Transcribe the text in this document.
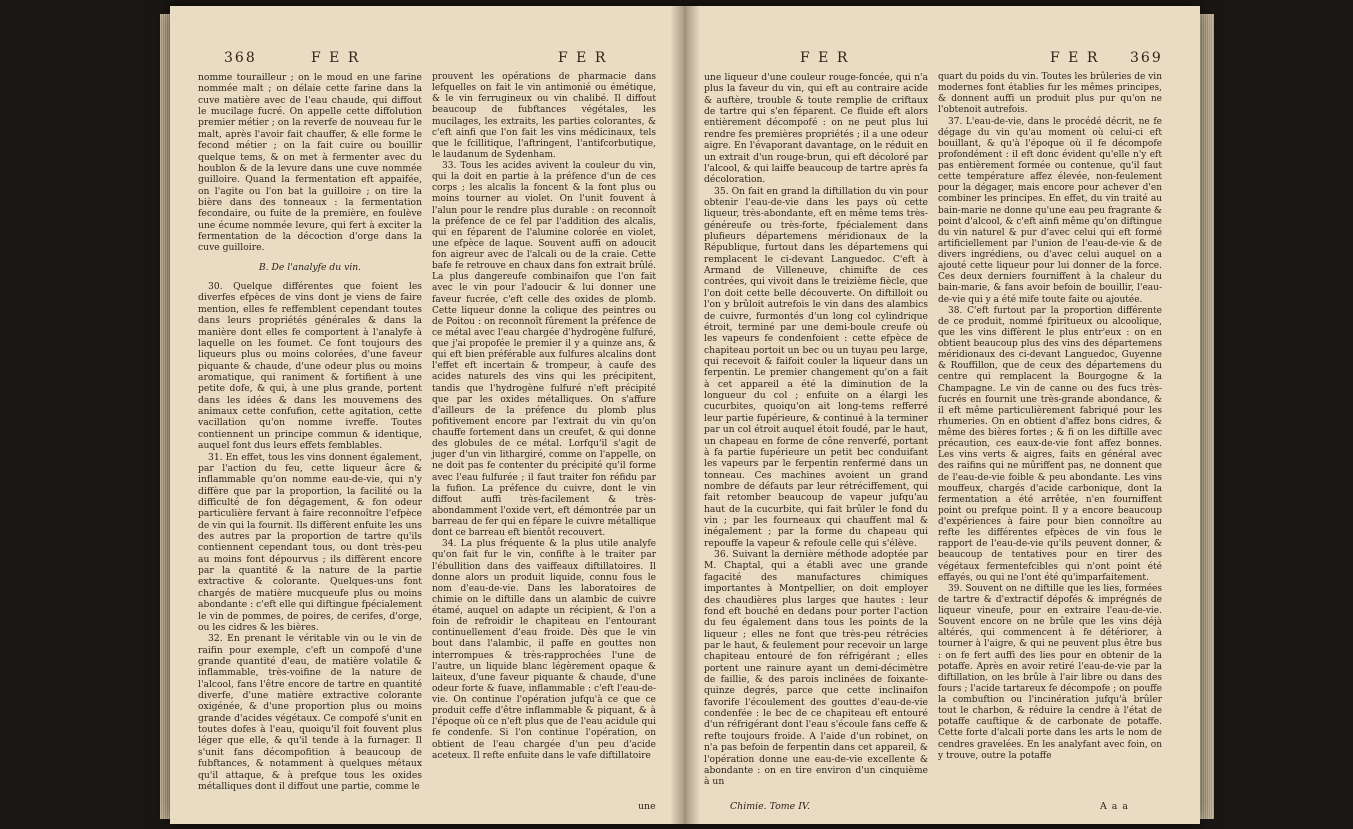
368	F E R	F E R

nomme tourailleur ; on le moud en une farine nommée malt ; on délaie cette farine dans la cuve matière avec de l'eau chaude, qui diffout le mucilage fucré. On appelle cette diffolution premier métier ; on la reverfe de nouveau fur le malt, après l'avoir fait chauffer, & elle forme le fecond métier ; on la fait cuire ou bouillir quelque tems, & on met à fermenter avec du houblon & de la levure dans une cuve nommée guilloire. Quand la fermentation eft appaifée, on l'agite ou l'on bat la guilloire ; on tire la bière dans des tonneaux : la fermentation fecondaire, ou fuite de la première, en foulève une écume nommée levure, qui fert à exciter la fermentation de la décoction d'orge dans la cuve guilloire.

B. De l'analyfe du vin.

30. Quelque différentes que foient les diverfes efpèces de vins dont je viens de faire mention, elles fe reffemblent cependant toutes dans leurs propriétés générales & dans la manière dont elles fe comportent à l'analyfe à laquelle on les foumet. Ce font toujours des liqueurs plus ou moins colorées, d'une faveur piquante & chaude, d'une odeur plus ou moins aromatique, qui raniment & fortifient à une petite dofe, & qui, à une plus grande, portent dans les idées & dans les mouvemens des animaux cette confufion, cette agitation, cette vacillation qu'on nomme ivreffe. Toutes contiennent un principe commun & identique, auquel font dus leurs effets femblables.

31. En effet, tous les vins donnent également, par l'action du feu, cette liqueur âcre & inflammable qu'on nomme eau-de-vie, qui n'y diffère que par la proportion, la facilité ou la difficulté de fon dégagement, & fon odeur particulière fervant à faire reconnoître l'efpèce de vin qui la fournit. Ils diffèrent enfuite les uns des autres par la proportion de tartre qu'ils contiennent cependant tous, ou dont très-peu au moins font dépourvus ; ils diffèrent encore par la quantité & la nature de la partie extractive & colorante. Quelques-uns font chargés de matière mucqueufe plus ou moins abondante : c'eft elle qui diftingue fpécialement le vin de pommes, de poires, de cerifes, d'orge, ou les cidres & les bières.

32. En prenant le véritable vin ou le vin de raifin pour exemple, c'eft un compofé d'une grande quantité d'eau, de matière volatile & inflammable, très-voifine de la nature de l'alcool, fans l'être encore de tartre en quantité diverfe, d'une matière extractive colorante oxigénée, & d'une proportion plus ou moins grande d'acides végétaux. Ce compofé s'unit en toutes dofes à l'eau, quoiqu'il foit fouvent plus léger que elle, & qu'il tende à la furnager. Il s'unit fans décompofition à beaucoup de fubftances, & notamment à quelques métaux qu'il attaque, & à prefque tous les oxides métalliques dont il diffout une partie, comme le

prouvent les opérations de pharmacie dans lefquelles on fait le vin antimonié ou émétique, & le vin ferrugineux ou vin chalibé. Il diffout beaucoup de fubftances végétales, les mucilages, les extraits, les parties colorantes, & c'eft ainfi que l'on fait les vins médicinaux, tels que le fcillitique, l'aftringent, l'antifcorbutique, le laudanum de Sydenham.

33. Tous les acides avivent la couleur du vin, qui la doit en partie à la préfence d'un de ces corps ; les alcalis la foncent & la font plus ou moins tourner au violet. On l'unit fouvent à l'alun pour le rendre plus durable : on reconnoît la préfence de ce fel par l'addition des alcalis, qui en féparent de l'alumine colorée en violet, une efpèce de laque. Souvent auffi on adoucit fon aigreur avec de l'alcali ou de la craie. Cette bafe fe retrouve en chaux dans fon extrait brûlé. La plus dangereufe combinaifon que l'on fait avec le vin pour l'adoucir & lui donner une faveur fucrée, c'eft celle des oxides de plomb. Cette liqueur donne la colique des peintres ou de Poitou : on reconnoît fûrement la préfence de ce métal avec l'eau chargée d'hydrogène fulfuré, que j'ai propofée le premier il y a quinze ans, & qui eft bien préférable aux fulfures alcalins dont l'effet eft incertain & trompeur, à caufe des acides naturels des vins qui les précipitent, tandis que l'hydrogène fulfuré n'eft précipité que par les oxides métalliques. On s'affure d'ailleurs de la préfence du plomb plus pofitivement encore par l'extrait du vin qu'on chauffe fortement dans un creufet, & qui donne des globules de ce métal. Lorfqu'il s'agit de juger d'un vin lithargiré, comme on l'appelle, on ne doit pas fe contenter du précipité qu'il forme avec l'eau fulfurée ; il faut traiter fon réfidu par la fufion. La préfence du cuivre, dont le vin diffout auffi très-facilement & très-abondamment l'oxide vert, eft démontrée par un barreau de fer qui en fépare le cuivre métallique dont ce barreau eft bientôt recouvert.

34. La plus fréquente & la plus utile analyfe qu'on fait fur le vin, confifte à le traiter par l'ébullition dans des vaiffeaux diftillatoires. Il donne alors un produit liquide, connu fous le nom d'eau-de-vie. Dans les laboratoires de chimie on le diftille dans un alambic de cuivre étamé, auquel on adapte un récipient, & l'on a foin de refroidir le chapiteau en l'entourant continuellement d'eau froide. Dès que le vin bout dans l'alambic, il paffe en gouttes non interrompues & très-rapprochées l'une de l'autre, un liquide blanc légèrement opaque & laiteux, d'une faveur piquante & chaude, d'une odeur forte & fuave, inflammable : c'eft l'eau-de-vie. On continue l'opération jufqu'à ce que ce produit ceffe d'être inflammable & piquant, & à l'époque où ce n'eft plus que de l'eau acidule qui fe condenfe. Si l'on continue l'opération, on obtient de l'eau chargée d'un peu d'acide aceteux. Il refte enfuite dans le vafe diftillatoire

une
F E R	F E R 369

une liqueur d'une couleur rouge-foncée, qui n'a plus la faveur du vin, qui eft au contraire acide & auftère, trouble & toute remplie de criftaux de tartre qui s'en féparent. Ce fluide eft alors entièrement décompofé : on ne peut plus lui rendre fes premières propriétés ; il a une odeur aigre. En l'évaporant davantage, on le réduit en un extrait d'un rouge-brun, qui eft décoloré par l'alcool, & qui laiffe beaucoup de tartre après fa décoloration.

35. On fait en grand la diftillation du vin pour obtenir l'eau-de-vie dans les pays où cette liqueur, très-abondante, eft en même tems très-généreufe ou très-forte, fpécialement dans plufieurs départemens méridionaux de la République, furtout dans les départemens qui remplacent le ci-devant Languedoc. C'eft à Armand de Villeneuve, chimifte de ces contrées, qui vivoit dans le treizième fiècle, que l'on doit cette belle découverte. On diftilloit ou l'on y brûloit autrefois le vin dans des alambics de cuivre, furmontés d'un long col cylindrique étroit, terminé par une demi-boule creufe où les vapeurs fe condenfoient : cette efpèce de chapiteau portoit un bec ou un tuyau peu large, qui recevoit & faifoit couler la liqueur dans un ferpentin. Le premier changement qu'on a fait à cet appareil a été la diminution de la longueur du col ; enfuite on a élargi les cucurbites, quoiqu'on ait long-tems refferré leur partie fupérieure, & continué à la terminer par un col étroit auquel étoit foudé, par le haut, un chapeau en forme de cône renverfé, portant à fa partie fupérieure un petit bec conduifant les vapeurs par le ferpentin renfermé dans un tonneau. Ces machines avoient un grand nombre de défauts par leur rétréciffement, qui fait retomber beaucoup de vapeur jufqu'au haut de la cucurbite, qui fait brûler le fond du vin ; par les fourneaux qui chauffent mal & inégalement ; par la forme du chapeau qui repouffe la vapeur & refoule celle qui s'élève.

36. Suivant la dernière méthode adoptée par M. Chaptal, qui a établi avec une grande fagacité des manufactures chimiques importantes à Montpellier, on doit employer des chaudières plus larges que hautes : leur fond eft bouché en dedans pour porter l'action du feu également dans tous les points de la liqueur ; elles ne font que très-peu rétrécies par le haut, & feulement pour recevoir un large chapiteau entouré de fon réfrigérant ; elles portent une rainure ayant un demi-décimètre de faillie, & des parois inclinées de foixante-quinze degrés, parce que cette inclinaifon favorife l'écoulement des gouttes d'eau-de-vie condenfée : le bec de ce chapiteau eft entouré d'un réfrigérant dont l'eau s'écoule fans ceffe & refte toujours froide. A l'aide d'un robinet, on n'a pas befoin de ferpentin dans cet appareil, & l'opération donne une eau-de-vie excellente & abondante : on en tire environ d'un cinquième à un

quart du poids du vin. Toutes les brûleries de vin modernes font établies fur les mêmes principes, & donnent auffi un produit plus pur qu'on ne l'obtenoit autrefois.

37. L'eau-de-vie, dans le procédé décrit, ne fe dégage du vin qu'au moment où celui-ci eft bouillant, & qu'à l'époque où il fe décompofe profondément : il eft donc évident qu'elle n'y eft pas entièrement formée ou contenue, qu'il faut cette température affez élevée, non-feulement pour la dégager, mais encore pour achever d'en combiner les principes. En effet, du vin traité au bain-marie ne donne qu'une eau peu fragrante & point d'alcool, & c'eft ainfi même qu'on diftingue du vin naturel & pur d'avec celui qui eft formé artificiellement par l'union de l'eau-de-vie & de divers ingrédiens, ou d'avec celui auquel on a ajouté cette liqueur pour lui donner de la force. Ces deux derniers fourniffent à la chaleur du bain-marie, & fans avoir befoin de bouillir, l'eau-de-vie qui y a été mife toute faite ou ajoutée.

38. C'eft furtout par la proportion différente de ce produit, nommé fpiritueux ou alcoolique, que les vins diffèrent le plus entr'eux : on en obtient beaucoup plus des vins des départemens méridionaux des ci-devant Languedoc, Guyenne & Rouffillon, que de ceux des départemens du centre qui remplacent la Bourgogne & la Champagne. Le vin de canne ou des fucs très-fucrés en fournit une très-grande abondance, & il eft même particulièrement fabriqué pour les rhumeries. On en obtient d'affez bons cidres, & même des bières fortes ; & fi on les diftille avec précaution, ces eaux-de-vie font affez bonnes. Les vins verts & aigres, faits en général avec des raifins qui ne mûriffent pas, ne donnent que de l'eau-de-vie foible & peu abondante. Les vins mouffeux, chargés d'acide carbonique, dont la fermentation a été arrêtée, n'en fourniffent point ou prefque point. Il y a encore beaucoup d'expériences à faire pour bien connoître au refte les différentes efpèces de vin fous le rapport de l'eau-de-vie qu'ils peuvent donner, & beaucoup de tentatives pour en tirer des végétaux fermentefcibles qui n'ont point été effayés, ou qui ne l'ont été qu'imparfaitement.

39. Souvent on ne diftille que les lies, formées de tartre & d'extractif dépofés & imprégnés de liqueur vineufe, pour en extraire l'eau-de-vie. Souvent encore on ne brûle que les vins déjà altérés, qui commencent à fe détériorer, à tourner à l'aigre, & qui ne peuvent plus être bus : on fe fert auffi des lies pour en obtenir de la potaffe. Après en avoir retiré l'eau-de-vie par la diftillation, on les brûle à l'air libre ou dans des fours ; l'acide tartareux fe décompofe ; on pouffe la combuftion ou l'incinération jufqu'à brûler tout le charbon, & réduire la cendre à l'état de potaffe cauftique & de carbonate de potaffe. Cette forte d'alcali porte dans les arts le nom de cendres gravelées. En les analyfant avec foin, on y trouve, outre la potaffe

Chimie. Tome IV.	A a a
